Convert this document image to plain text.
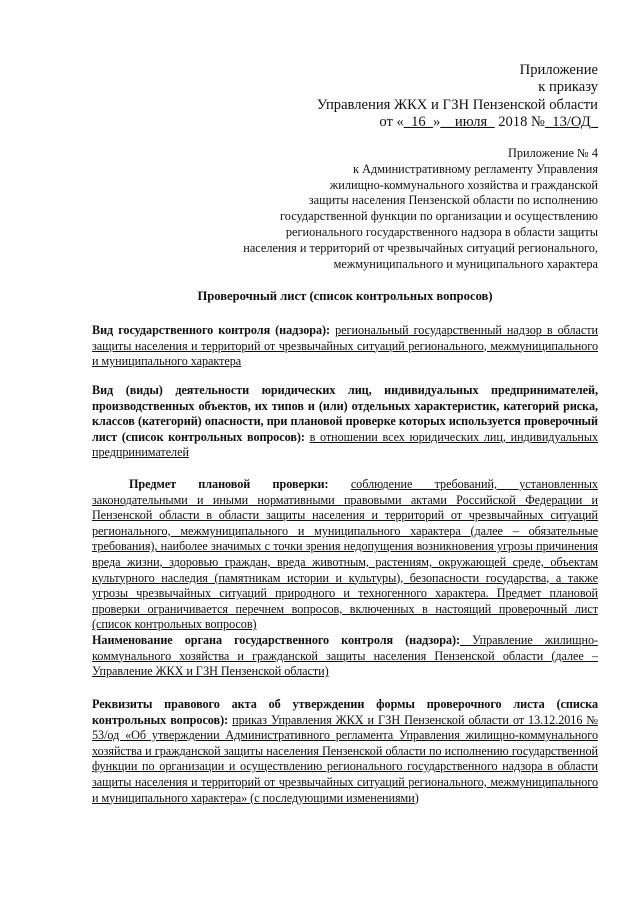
Приложение
к приказу
Управления ЖКХ и ГЗН Пензенской области
от «_16_»__июля_ 2018 №_13/ОД_
Приложение № 4
к Административному регламенту Управления
жилищно-коммунального хозяйства и гражданской
защиты населения Пензенской области по исполнению
государственной функции по организации и осуществлению
регионального государственного надзора в области защиты
населения и территорий от чрезвычайных ситуаций регионального,
межмуниципального и муниципального характера
Проверочный лист (список контрольных вопросов)
Вид государственного контроля (надзора): региональный государственный надзор в области защиты населения и территорий от чрезвычайных ситуаций регионального, межмуниципального и муниципального характера
Вид (виды) деятельности юридических лиц, индивидуальных предпринимателей, производственных объектов, их типов и (или) отдельных характеристик, категорий риска, классов (категорий) опасности, при плановой проверке которых используется проверочный лист (список контрольных вопросов): в отношении всех юридических лиц, индивидуальных предпринимателей
Предмет плановой проверки: соблюдение требований, установленных законодательными и иными нормативными правовыми актами Российской Федерации и Пензенской области в области защиты населения и территорий от чрезвычайных ситуаций регионального, межмуниципального и муниципального характера (далее – обязательные требования), наиболее значимых с точки зрения недопущения возникновения угрозы причинения вреда жизни, здоровью граждан, вреда животным, растениям, окружающей среде, объектам культурного наследия (памятникам истории и культуры), безопасности государства, а также угрозы чрезвычайных ситуаций природного и техногенного характера. Предмет плановой проверки ограничивается перечнем вопросов, включенных в настоящий проверочный лист (список контрольных вопросов)
Наименование органа государственного контроля (надзора): Управление жилищно-коммунального хозяйства и гражданской защиты населения Пензенской области (далее – Управление ЖКХ и ГЗН Пензенской области)
Реквизиты правового акта об утверждении формы проверочного листа (списка контрольных вопросов): приказ Управления ЖКХ и ГЗН Пензенской области от 13.12.2016 № 53/од «Об утверждении Административного регламента Управления жилищно-коммунального хозяйства и гражданской защиты населения Пензенской области по исполнению государственной функции по организации и осуществлению регионального государственного надзора в области защиты населения и территорий от чрезвычайных ситуаций регионального, межмуниципального и муниципального характера» (с последующими изменениями)
